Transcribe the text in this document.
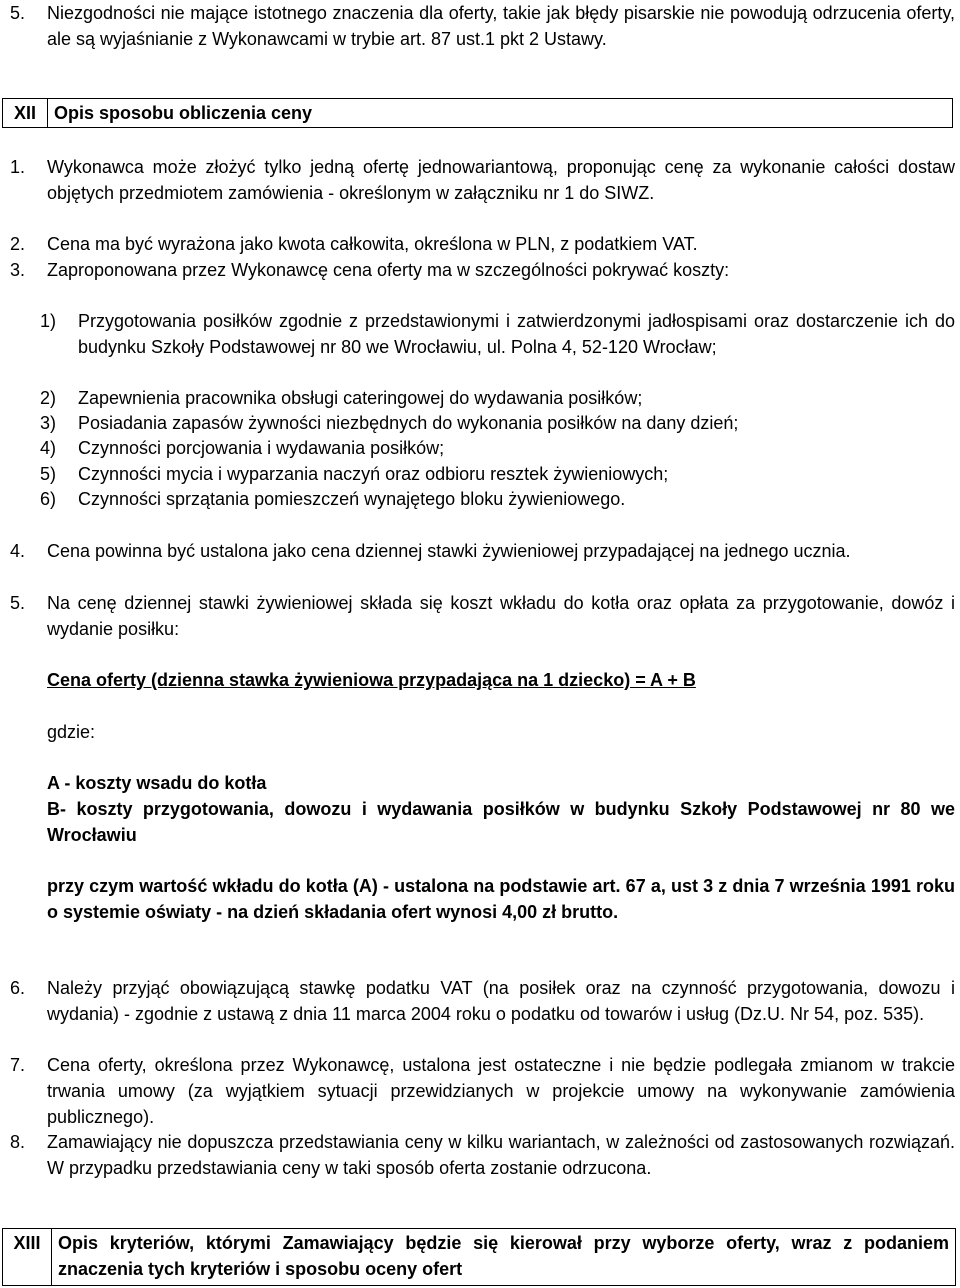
5. Niezgodności nie mające istotnego znaczenia dla oferty, takie jak błędy pisarskie nie powodują odrzucenia oferty, ale są wyjaśnianie z Wykonawcami w trybie art. 87 ust.1 pkt 2 Ustawy.
XII	Opis sposobu obliczenia ceny
1. Wykonawca może złożyć tylko jedną ofertę jednowariantową, proponując cenę za wykonanie całości dostaw objętych przedmiotem zamówienia - określonym w załączniku nr 1 do SIWZ.
2. Cena ma być wyrażona jako kwota całkowita, określona w PLN, z podatkiem VAT.
3. Zaproponowana przez Wykonawcę cena oferty ma w szczególności pokrywać koszty:
1) Przygotowania posiłków zgodnie z przedstawionymi i zatwierdzonymi jadłospisami oraz dostarczenie ich do budynku Szkoły Podstawowej nr 80 we Wrocławiu, ul. Polna 4, 52-120 Wrocław;
2) Zapewnienia pracownika obsługi cateringowej do wydawania posiłków;
3) Posiadania zapasów żywności niezbędnych do wykonania posiłków na dany dzień;
4) Czynności porcjowania i wydawania posiłków;
5) Czynności mycia i wyparzania naczyń oraz odbioru resztek żywieniowych;
6) Czynności sprzątania pomieszczeń wynajętego bloku żywieniowego.
4. Cena powinna być ustalona jako cena dziennej stawki żywieniowej przypadającej na jednego ucznia.
5. Na cenę dziennej stawki żywieniowej składa się koszt wkładu do kotła oraz opłata za przygotowanie, dowóz i wydanie posiłku:
Cena oferty (dzienna stawka żywieniowa przypadająca na 1 dziecko) = A + B
gdzie:
A - koszty wsadu do kotła
B- koszty przygotowania, dowozu i wydawania posiłków w budynku Szkoły Podstawowej nr 80 we Wrocławiu
przy czym wartość wkładu do kotła (A) - ustalona na podstawie art. 67 a, ust 3 z dnia 7 września 1991 roku o systemie oświaty - na dzień składania ofert wynosi 4,00 zł brutto.
6. Należy przyjąć obowiązującą stawkę podatku VAT (na posiłek oraz na czynność przygotowania, dowozu i wydania) - zgodnie z ustawą z dnia 11 marca 2004 roku o podatku od towarów i usług (Dz.U. Nr 54, poz. 535).
7. Cena oferty, określona przez Wykonawcę, ustalona jest ostateczne i nie będzie podlegała zmianom w trakcie trwania umowy (za wyjątkiem sytuacji przewidzianych w projekcie umowy na wykonywanie zamówienia publicznego).
8. Zamawiający nie dopuszcza przedstawiania ceny w kilku wariantach, w zależności od zastosowanych rozwiązań. W przypadku przedstawiania ceny w taki sposób oferta zostanie odrzucona.
XIII Opis kryteriów, którymi Zamawiający będzie się kierował przy wyborze oferty, wraz z podaniem znaczenia tych kryteriów i sposobu oceny ofert
